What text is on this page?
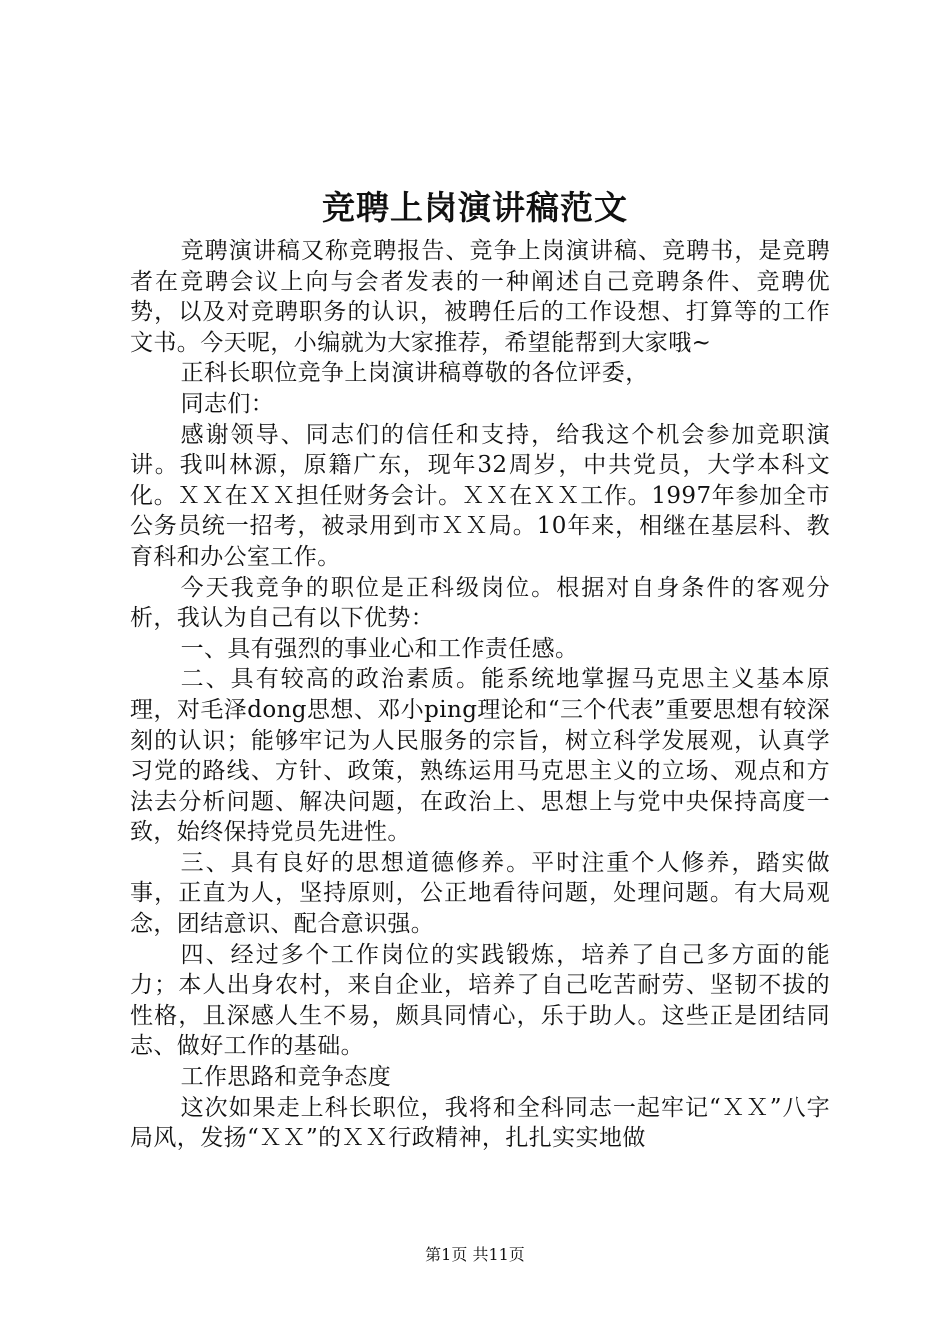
竞聘上岗演讲稿范文

竞聘演讲稿又称竞聘报告、竞争上岗演讲稿、竞聘书，是竞聘者在竞聘会议上向与会者发表的一种阐述自己竞聘条件、竞聘优势，以及对竞聘职务的认识，被聘任后的工作设想、打算等的工作文书。今天呢，小编就为大家推荐，希望能帮到大家哦~

正科长职位竞争上岗演讲稿尊敬的各位评委，

同志们：

感谢领导、同志们的信任和支持，给我这个机会参加竞职演讲。我叫林源，原籍广东，现年32周岁，中共党员，大学本科文化。ＸＸ在ＸＸ担任财务会计。ＸＸ在ＸＸ工作。1997年参加全市公务员统一招考，被录用到市ＸＸ局。10年来，相继在基层科、教育科和办公室工作。

今天我竞争的职位是正科级岗位。根据对自身条件的客观分析，我认为自己有以下优势：

一、具有强烈的事业心和工作责任感。

二、具有较高的政治素质。能系统地掌握马克思主义基本原理，对毛泽dong思想、邓小ping理论和“三个代表”重要思想有较深刻的认识；能够牢记为人民服务的宗旨，树立科学发展观，认真学习党的路线、方针、政策，熟练运用马克思主义的立场、观点和方法去分析问题、解决问题，在政治上、思想上与党中央保持高度一致，始终保持党员先进性。

三、具有良好的思想道德修养。平时注重个人修养，踏实做事，正直为人，坚持原则，公正地看待问题，处理问题。有大局观念，团结意识、配合意识强。

四、经过多个工作岗位的实践锻炼，培养了自己多方面的能力；本人出身农村，来自企业，培养了自己吃苦耐劳、坚韧不拔的性格，且深感人生不易，颇具同情心，乐于助人。这些正是团结同志、做好工作的基础。

工作思路和竞争态度

这次如果走上科长职位，我将和全科同志一起牢记“ＸＸ”八字局风，发扬“ＸＸ”的ＸＸ行政精神，扎扎实实地做

第1页 共11页
